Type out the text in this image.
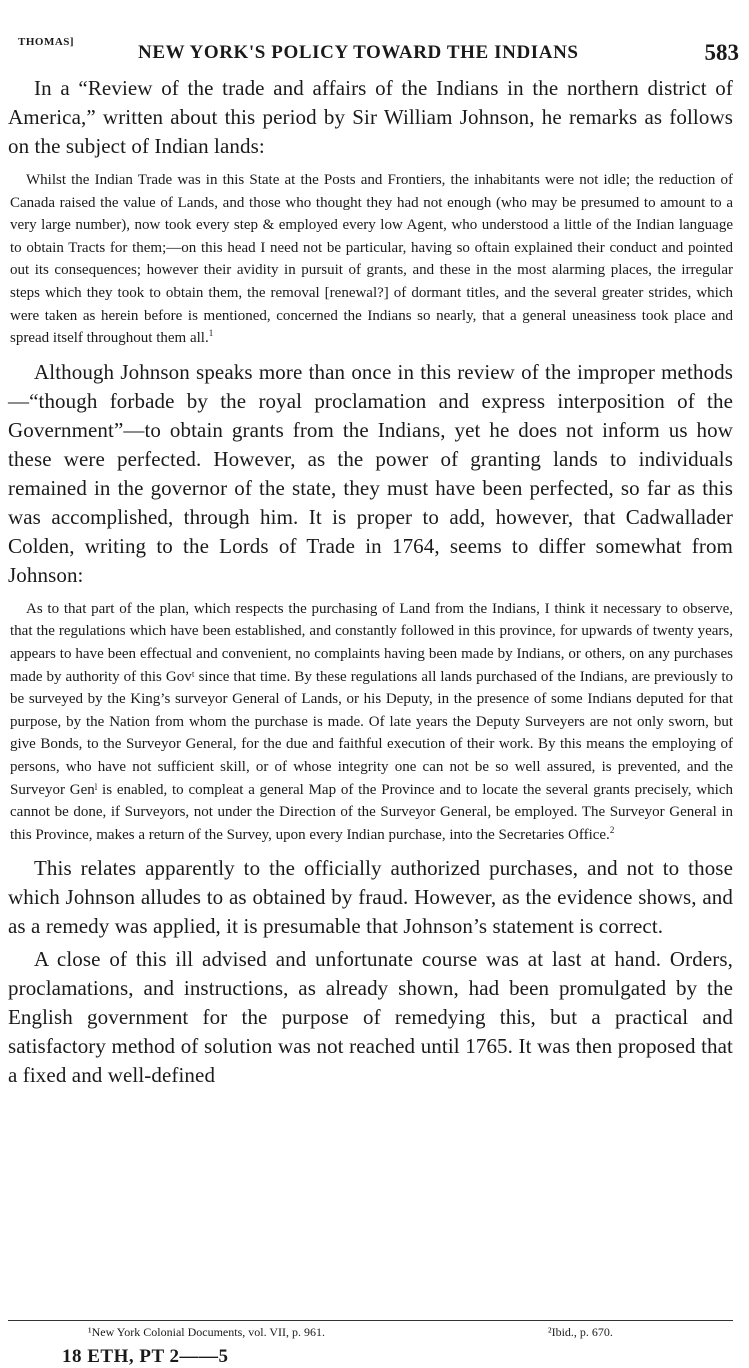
THOMAS]	NEW YORK'S POLICY TOWARD THE INDIANS	583

In a “Review of the trade and affairs of the Indians in the northern district of America,” written about this period by Sir William Johnson, he remarks as follows on the subject of Indian lands:

Whilst the Indian Trade was in this State at the Posts and Frontiers, the inhabitants were not idle; the reduction of Canada raised the value of Lands, and those who thought they had not enough (who may be presumed to amount to a very large number), now took every step & employed every low Agent, who understood a little of the Indian language to obtain Tracts for them;—on this head I need not be particular, having so oftain explained their conduct and pointed out its consequences; however their avidity in pursuit of grants, and these in the most alarming places, the irregular steps which they took to obtain them, the removal [renewal?] of dormant titles, and the several greater strides, which were taken as herein before is mentioned, concerned the Indians so nearly, that a general uneasiness took place and spread itself throughout them all.$^1$

Although Johnson speaks more than once in this review of the improper methods—“though forbade by the royal proclamation and express interposition of the Government”—to obtain grants from the Indians, yet he does not inform us how these were perfected. However, as the power of granting lands to individuals remained in the governor of the state, they must have been perfected, so far as this was accomplished, through him. It is proper to add, however, that Cadwallader Colden, writing to the Lords of Trade in 1764, seems to differ somewhat from Johnson:

As to that part of the plan, which respects the purchasing of Land from the Indians, I think it necessary to observe, that the regulations which have been established, and constantly followed in this province, for upwards of twenty years, appears to have been effectual and convenient, no complaints having been made by Indians, or others, on any purchases made by authority of this Govᵗ since that time. By these regulations all lands purchased of the Indians, are previously to be surveyed by the King’s surveyor General of Lands, or his Deputy, in the presence of some Indians deputed for that purpose, by the Nation from whom the purchase is made. Of late years the Deputy Surveyers are not only sworn, but give Bonds, to the Surveyor General, for the due and faithful execution of their work. By this means the employing of persons, who have not sufficient skill, or of whose integrity one can not be so well assured, is prevented, and the Surveyor Genˡ is enabled, to compleat a general Map of the Province and to locate the several grants precisely, which cannot be done, if Surveyors, not under the Direction of the Surveyor General, be employed. The Surveyor General in this Province, makes a return of the Survey, upon every Indian purchase, into the Secretaries Office.$^2$

This relates apparently to the officially authorized purchases, and not to those which Johnson alludes to as obtained by fraud. However, as the evidence shows, and as a remedy was applied, it is presumable that Johnson’s statement is correct.

A close of this ill advised and unfortunate course was at last at hand. Orders, proclamations, and instructions, as already shown, had been promulgated by the English government for the purpose of remedying this, but a practical and satisfactory method of solution was not reached until 1765. It was then proposed that a fixed and well-defined

¹New York Colonial Documents, vol. VII, p. 961.	²Ibid., p. 670.
18 ETH, PT 2——5
